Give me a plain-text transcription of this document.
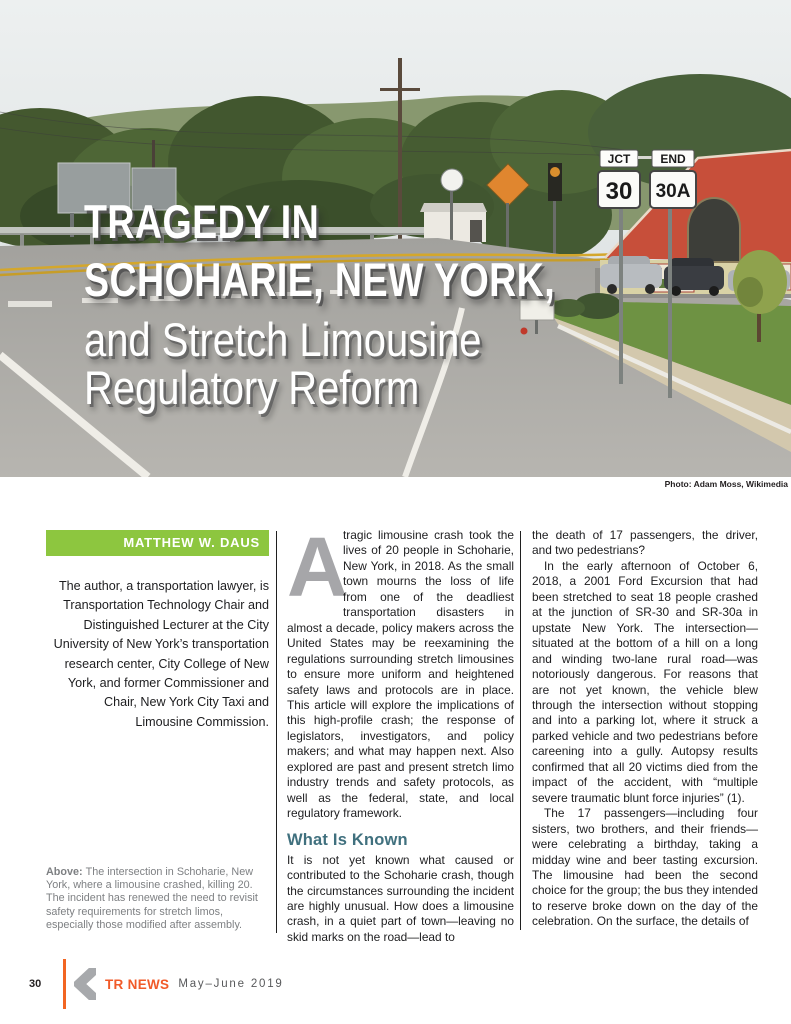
JCT END
30 30A
TRAGEDY IN
SCHOHARIE, NEW YORK,
and Stretch Limousine
Regulatory Reform
Photo: Adam Moss, Wikimedia
MATTHEW W. DAUS
The author, a transportation lawyer, is Transportation Technology Chair and Distinguished Lecturer at the City University of New York’s transportation research center, City College of New York, and former Commissioner and Chair, New York City Taxi and Limousine Commission.
Above: The intersection in Schoharie, New York, where a limousine crashed, killing 20. The incident has renewed the need to revisit safety requirements for stretch limos, especially those modified after assembly.

A
tragic limousine crash took the lives of 20 people in Schoharie, New York, in 2018. As the small town mourns the loss of life from one of the deadliest transportation disasters in almost a decade, policy makers across the United States may be reexamining the regulations surrounding stretch limousines to ensure more uniform and heightened safety laws and protocols are in place. This article will explore the implications of this high-profile crash; the response of legislators, investigators, and policy makers; and what may happen next. Also explored are past and present stretch limo industry trends and safety protocols, as well as the federal, state, and local regulatory framework.

What Is Known

It is not yet known what caused or contributed to the Schoharie crash, though the circumstances surrounding the incident are highly unusual. How does a limousine crash, in a quiet part of town—leaving no skid marks on the road—lead to

the death of 17 passengers, the driver, and two pedestrians?

In the early afternoon of October 6, 2018, a 2001 Ford Excursion that had been stretched to seat 18 people crashed at the junction of SR-30 and SR-30a in upstate New York. The intersection—situated at the bottom of a hill on a long and winding two-lane rural road—was notoriously dangerous. For reasons that are not yet known, the vehicle blew through the intersection without stopping and into a parking lot, where it struck a parked vehicle and two pedestrians before careening into a gully. Autopsy results confirmed that all 20 victims died from the impact of the accident, with “multiple severe traumatic blunt force injuries” (1).

The 17 passengers—including four sisters, two brothers, and their friends—were celebrating a birthday, taking a midday wine and beer tasting excursion. The limousine had been the second choice for the group; the bus they intended to reserve broke down on the day of the celebration. On the surface, the details of

30	TR NEWS May–June 2019
